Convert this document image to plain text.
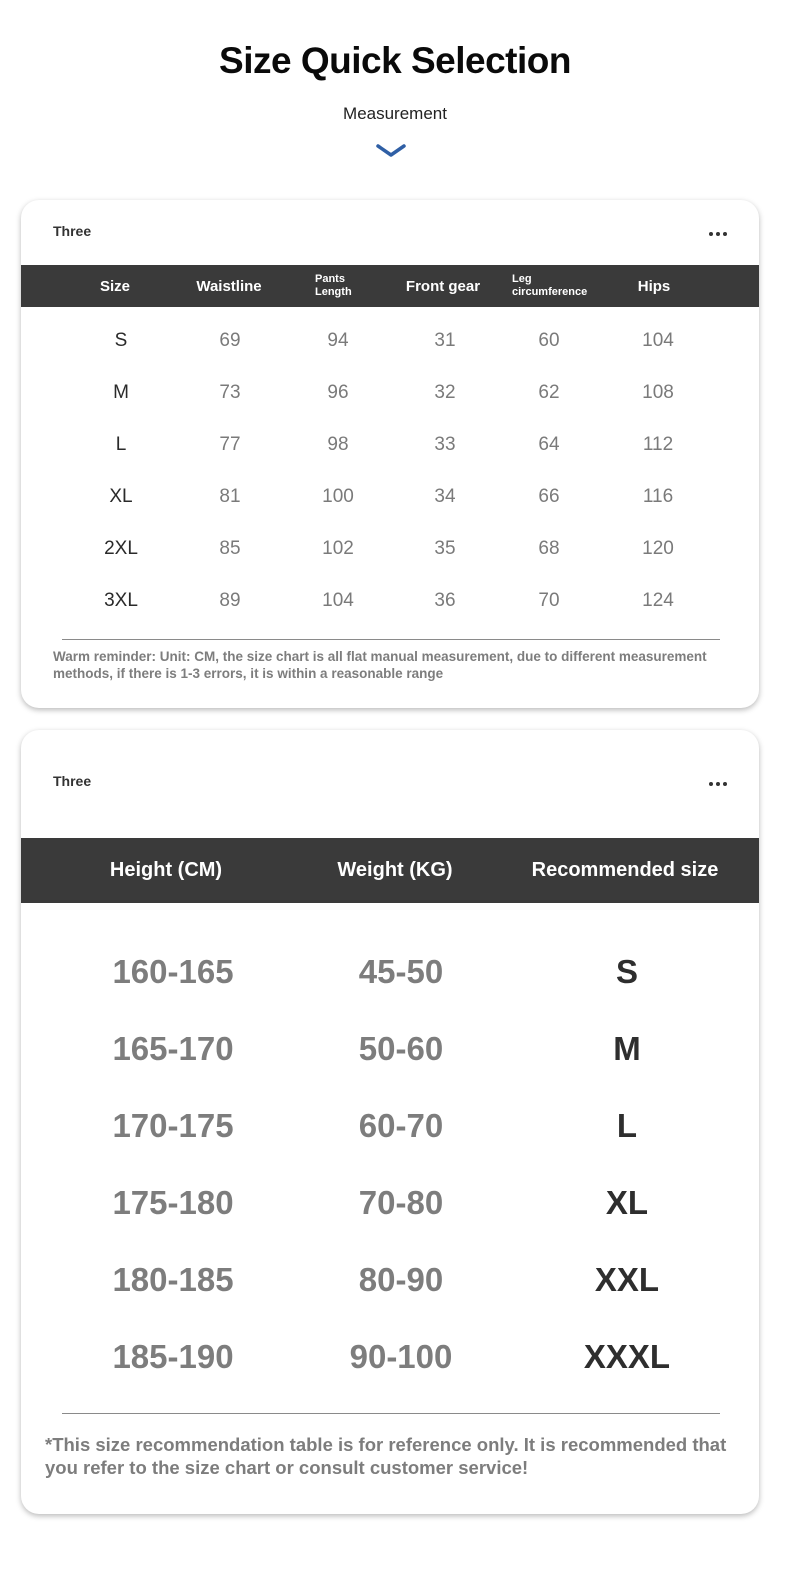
Size Quick Selection
Measurement
Three
Size	Waistline	Pants Length	Front gear	Leg circumference	Hips
S	69	94	31	60	104
M	73	96	32	62	108
L	77	98	33	64	112
XL	81	100	34	66	116
2XL	85	102	35	68	120
3XL	89	104	36	70	124
Warm reminder: Unit: CM, the size chart is all flat manual measurement, due to different measurement methods, if there is 1-3 errors, it is within a reasonable range
Three
Height (CM)	Weight (KG)	Recommended size
160-165	45-50	S
165-170	50-60	M
170-175	60-70	L
175-180	70-80	XL
180-185	80-90	XXL
185-190	90-100	XXXL
*This size recommendation table is for reference only. It is recommended that you refer to the size chart or consult customer service!
